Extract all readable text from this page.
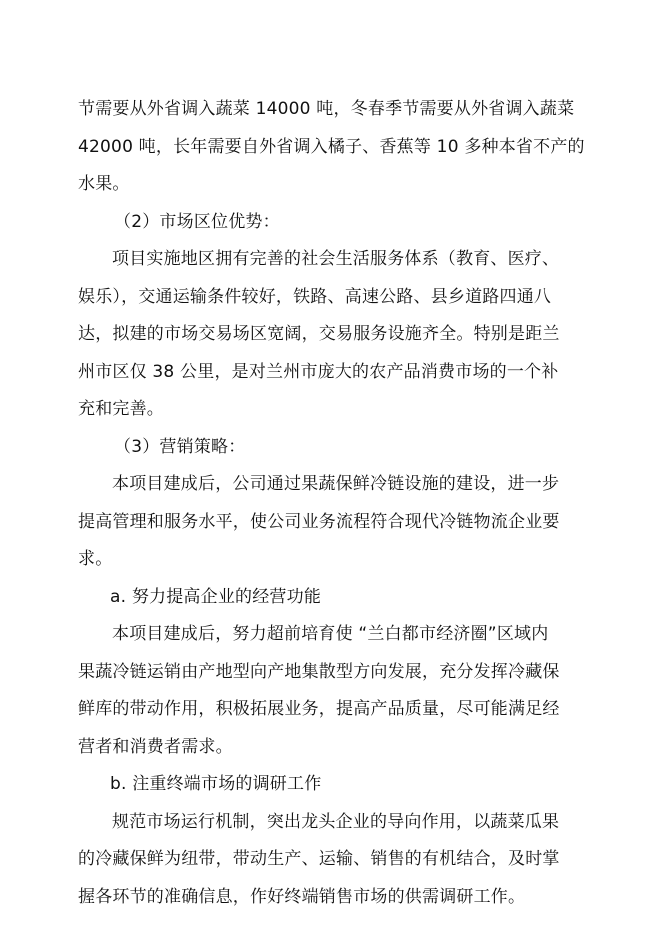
节需要从外省调入蔬菜 14000 吨，冬春季节需要从外省调入蔬菜
42000 吨，长年需要自外省调入橘子、香蕉等 10 多种本省不产的
水果。
（2）市场区位优势：
项目实施地区拥有完善的社会生活服务体系（教育、医疗、
娱乐），交通运输条件较好，铁路、高速公路、县乡道路四通八
达，拟建的市场交易场区宽阔，交易服务设施齐全。特别是距兰
州市区仅 38 公里，是对兰州市庞大的农产品消费市场的一个补
充和完善。
（3）营销策略：
本项目建成后，公司通过果蔬保鲜冷链设施的建设，进一步
提高管理和服务水平，使公司业务流程符合现代冷链物流企业要
求。
a. 努力提高企业的经营功能
本项目建成后，努力超前培育使 “兰白都市经济圈”区域内
果蔬冷链运销由产地型向产地集散型方向发展，充分发挥冷藏保
鲜库的带动作用，积极拓展业务，提高产品质量，尽可能满足经
营者和消费者需求。
b. 注重终端市场的调研工作
规范市场运行机制，突出龙头企业的导向作用，以蔬菜瓜果
的冷藏保鲜为纽带，带动生产、运输、销售的有机结合，及时掌
握各环节的准确信息，作好终端销售市场的供需调研工作。
